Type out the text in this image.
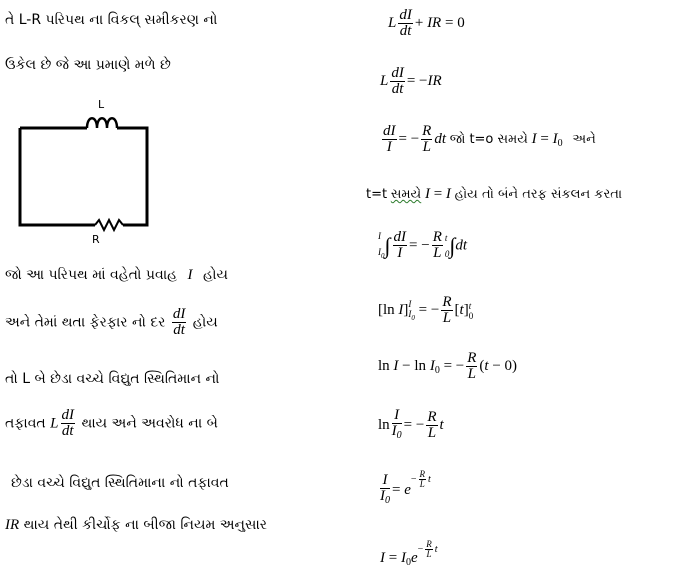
તે L-R પરિપથ ના વિકલ્ સમીકરણ નો
ઉકેલ છે જે આ પ્રમાણે મળે છે
L
R
જો આ પરિપથ માં વહેતો પ્રવાહ I હોય
અને તેમાં થતા ફેરફાર નો દર $\frac{dI}{dt}$ હોય
તો L બે છેડા વચ્ચે વિદ્યુત સ્થિતિમાન નો
તફાવત L $\frac{dI}{dt}$ થાય અને અવરોધ ના બે
છેડા વચ્ચે વિદ્યુત સ્થિતિમાના નો તફાવત
IR થાય તેથી કીર્ચોફ ના બીજા નિયમ અનુસાર
L $\frac{dI}{dt}$ + IR = 0
L $\frac{dI}{dt} = -IR$
$\frac{dI}{I}$ = − $\frac{R}{L}$ dt જો t=o સમયે $I = I_0$ અને
t=t સમયે I = I હોય તો બંને તરફ સંકલન કરતા
I
$I_0$ ∫ $\frac{dI}{I}$ = − $\frac{R}{L}$ t
0 ∫dt
[ln I] I
$I_0$ = − $\frac{R}{L} [t]$ t
0
$\ln I - \ln I_0$ = − $\frac{R}{L} (t - 0)$
$\ln \frac{I}{I_0}$ = − $\frac{R}{L}$ t
$\frac{I}{I_0} = e- \frac{R}{L}$ t
$I = I_0e- \frac{R}{L}$ t
